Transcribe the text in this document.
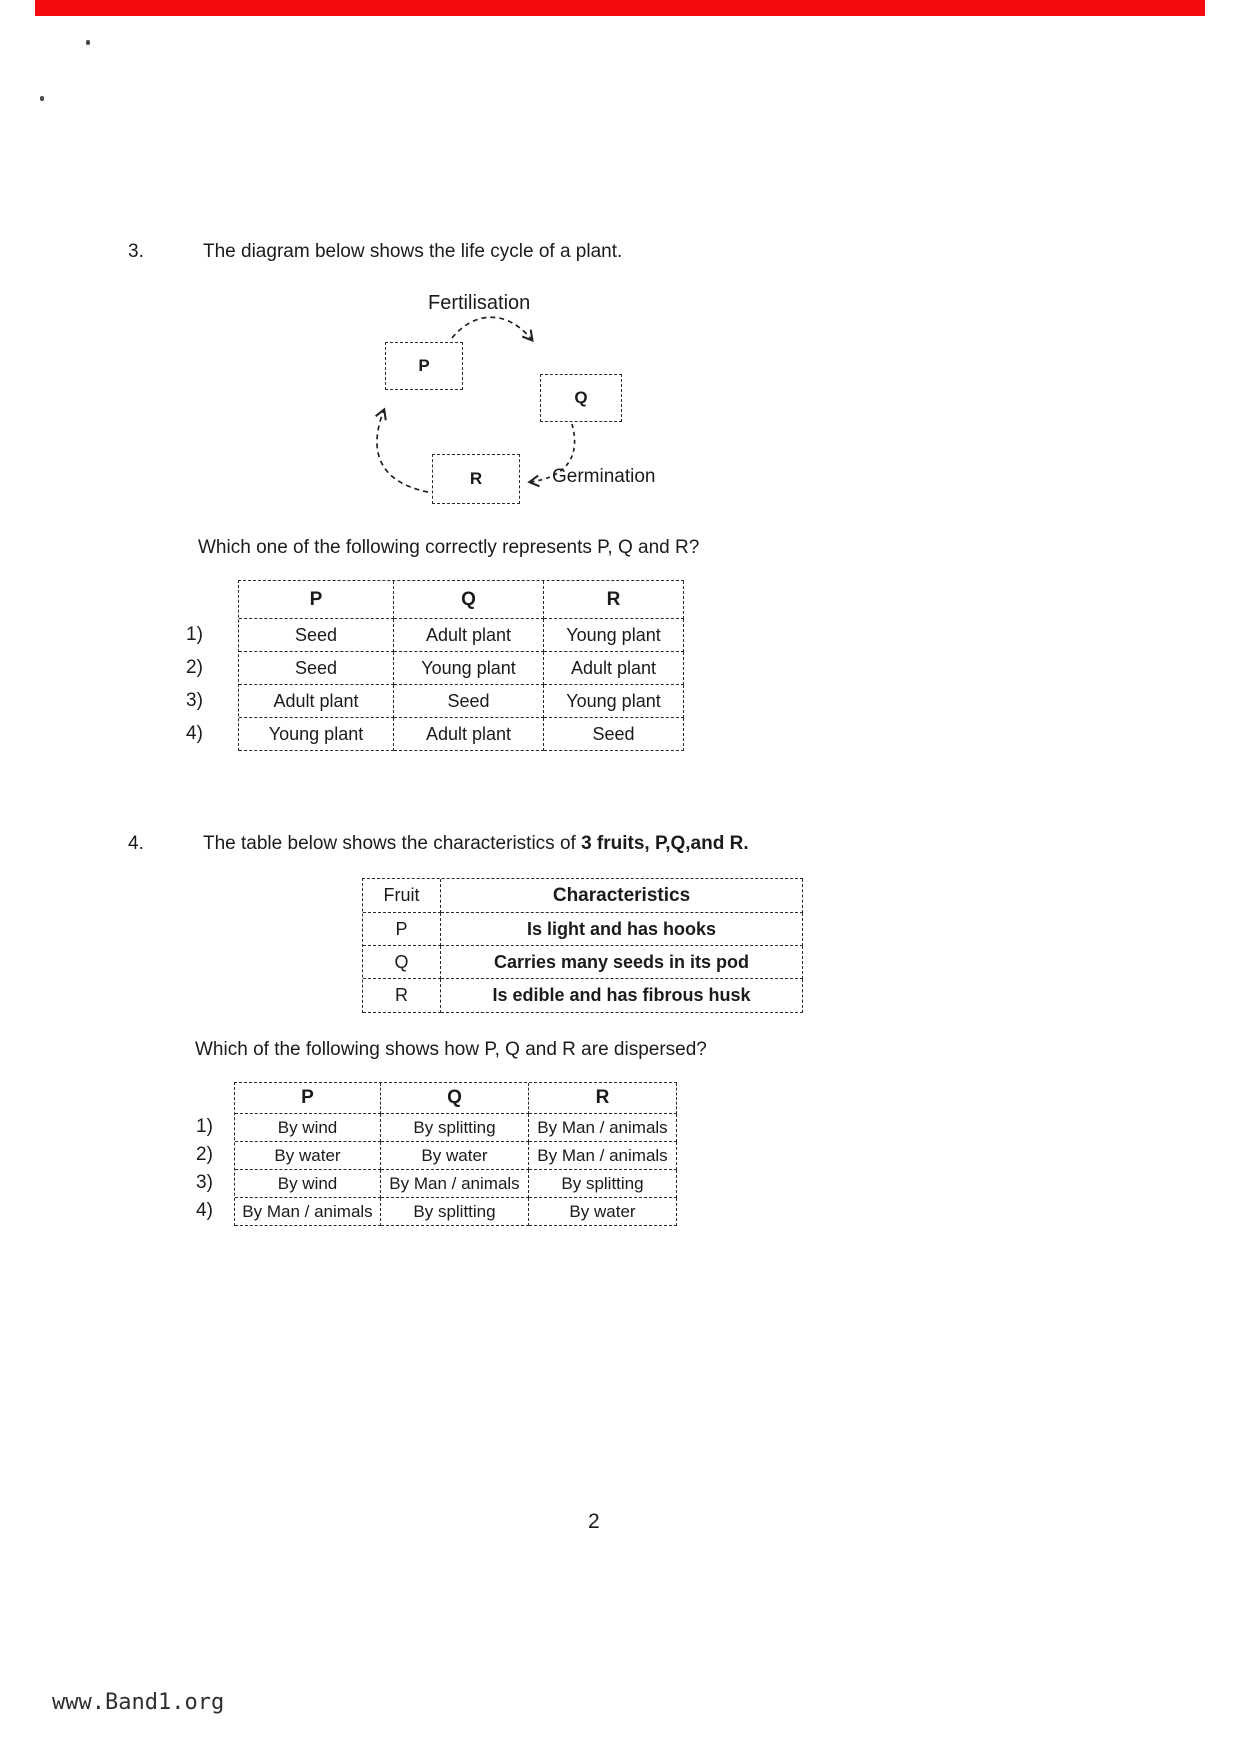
3.	The diagram below shows the life cycle of a plant.
Fertilisation
P
Q
R	Germination
Which one of the following correctly represents P, Q and R?
1)
2)
3)
4)
P	Q	R
Seed	Adult plant	Young plant
Seed	Young plant	Adult plant
Adult plant	Seed	Young plant
Young plant	Adult plant	Seed
4.	The table below shows the characteristics of 3 fruits, P,Q,and R.
Fruit	Characteristics
P	Is light and has hooks
Q	Carries many seeds in its pod
R	Is edible and has fibrous husk
Which of the following shows how P, Q and R are dispersed?
1)
2)
3)
4)
P	Q	R
By wind	By splitting	By Man / animals
By water	By water	By Man / animals
By wind	By Man / animals	By splitting
By Man / animals	By splitting	By water
2
www.Band1.org
